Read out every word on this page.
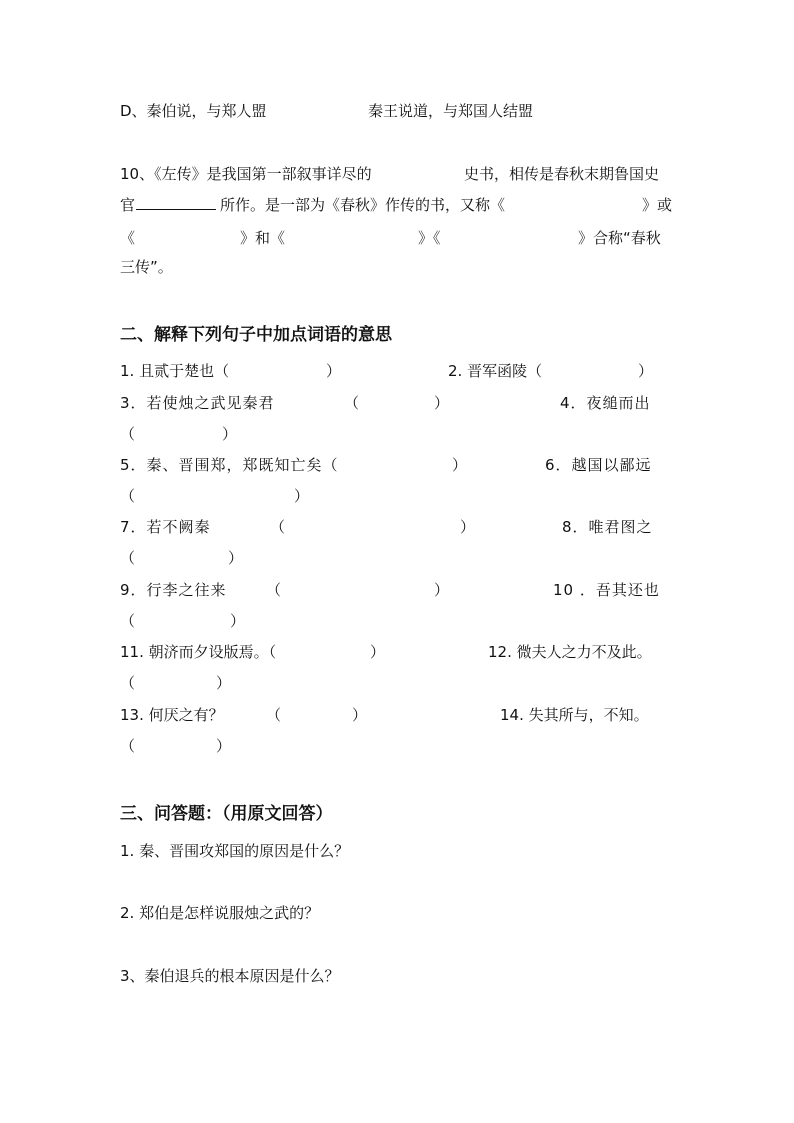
D、秦伯说，与郑人盟	秦王说道，与郑国人结盟
10、《左传》是我国第一部叙事详尽的	史书，相传是春秋末期鲁国史
官	所作。是一部为《春秋》作传的书，又称《	》或
《	》和《	》《	》合称“春秋
三传”。
二、解释下列句子中加点词语的意思
1. 且贰于楚也（	）	2. 晋军函陵（	）
3．若使烛之武见秦君	（	）	4．夜缒而出
（	）
5．秦、晋围郑，郑既知亡矣（	）	6．越国以鄙远
（	）
7．若不阙秦	（	）	8．唯君图之
（	）
9．行李之往来	（	）	10 ．吾其还也
（	）
11. 朝济而夕设版焉。（	）	12. 微夫人之力不及此。
（	）
13. 何厌之有？	（	）	14. 失其所与，不知。
（	）
三、问答题：（用原文回答）
1. 秦、晋围攻郑国的原因是什么？
2. 郑伯是怎样说服烛之武的？
3、秦伯退兵的根本原因是什么？
